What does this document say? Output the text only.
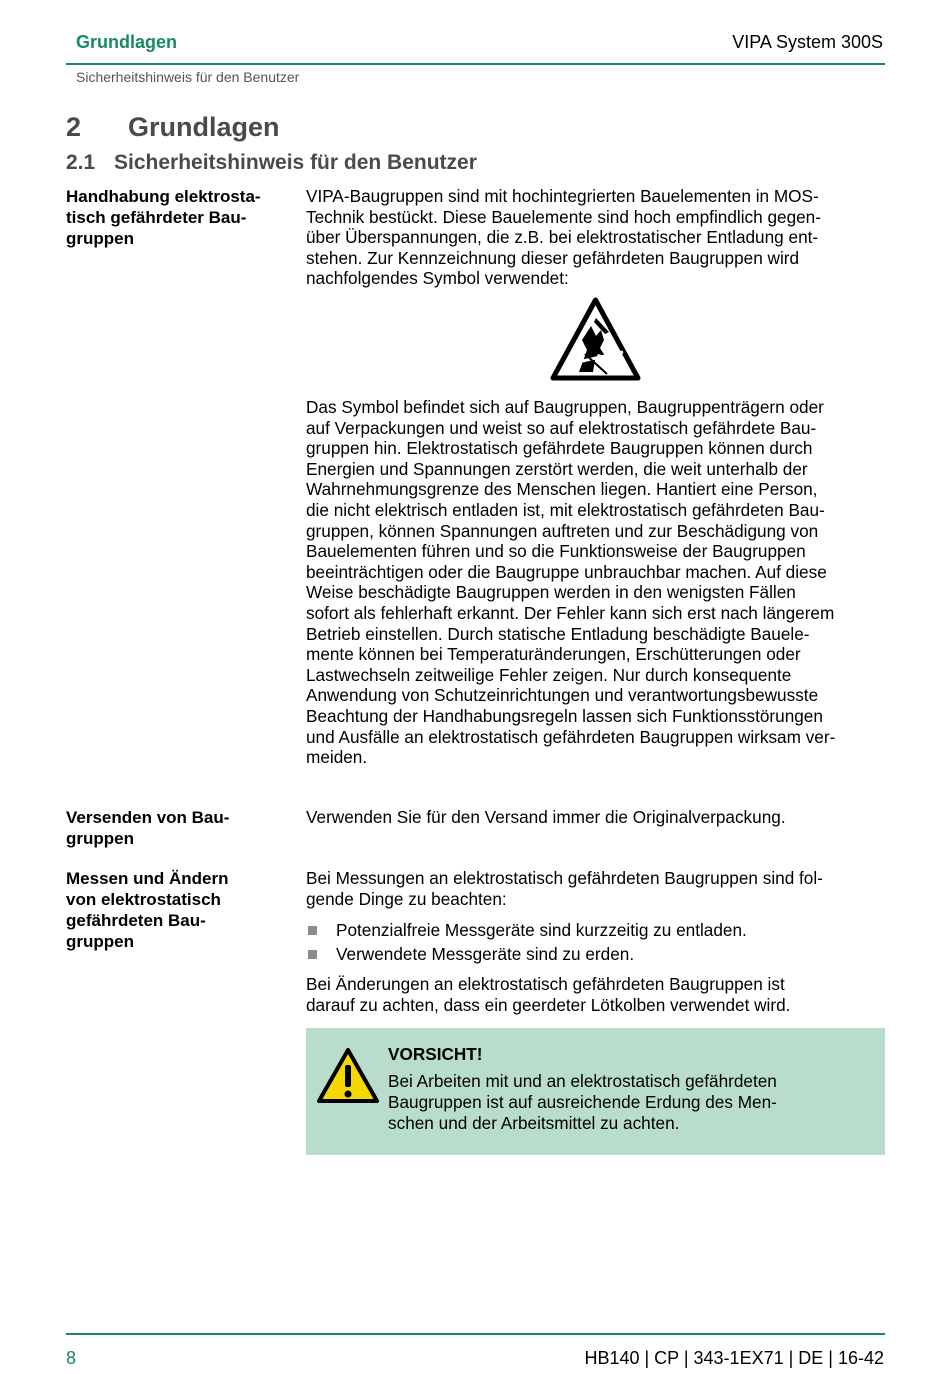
Grundlagen	VIPA System 300S
Sicherheitshinweis für den Benutzer
2 Grundlagen
2.1 Sicherheitshinweis für den Benutzer
Handhabung elektrosta-
tisch gefährdeter Bau-
gruppen

VIPA-Baugruppen sind mit hochintegrierten Bauelementen in MOS-

Technik bestückt. Diese Bauelemente sind hoch empfindlich gegen-

über Überspannungen, die z.B. bei elektrostatischer Entladung ent-

stehen. Zur Kennzeichnung dieser gefährdeten Baugruppen wird

nachfolgendes Symbol verwendet:

Das Symbol befindet sich auf Baugruppen, Baugruppenträgern oder

auf Verpackungen und weist so auf elektrostatisch gefährdete Bau-

gruppen hin. Elektrostatisch gefährdete Baugruppen können durch

Energien und Spannungen zerstört werden, die weit unterhalb der

Wahrnehmungsgrenze des Menschen liegen. Hantiert eine Person,

die nicht elektrisch entladen ist, mit elektrostatisch gefährdeten Bau-

gruppen, können Spannungen auftreten und zur Beschädigung von

Bauelementen führen und so die Funktionsweise der Baugruppen

beeinträchtigen oder die Baugruppe unbrauchbar machen. Auf diese

Weise beschädigte Baugruppen werden in den wenigsten Fällen

sofort als fehlerhaft erkannt. Der Fehler kann sich erst nach längerem

Betrieb einstellen. Durch statische Entladung beschädigte Bauele-

mente können bei Temperaturänderungen, Erschütterungen oder

Lastwechseln zeitweilige Fehler zeigen. Nur durch konsequente

Anwendung von Schutzeinrichtungen und verantwortungsbewusste

Beachtung der Handhabungsregeln lassen sich Funktionsstörungen

und Ausfälle an elektrostatisch gefährdeten Baugruppen wirksam ver-

meiden.

Versenden von Bau-
gruppen

Verwenden Sie für den Versand immer die Originalverpackung.

Messen und Ändern
von elektrostatisch
gefährdeten Bau-
gruppen

Bei Messungen an elektrostatisch gefährdeten Baugruppen sind fol-

gende Dinge zu beachten:

Potenzialfreie Messgeräte sind kurzzeitig zu entladen.
Verwendete Messgeräte sind zu erden.

Bei Änderungen an elektrostatisch gefährdeten Baugruppen ist

darauf zu achten, dass ein geerdeter Lötkolben verwendet wird.

VORSICHT!
Bei Arbeiten mit und an elektrostatisch gefährdeten
Baugruppen ist auf ausreichende Erdung des Men-
schen und der Arbeitsmittel zu achten.
8	HB140 | CP | 343-1EX71 | DE | 16-42
